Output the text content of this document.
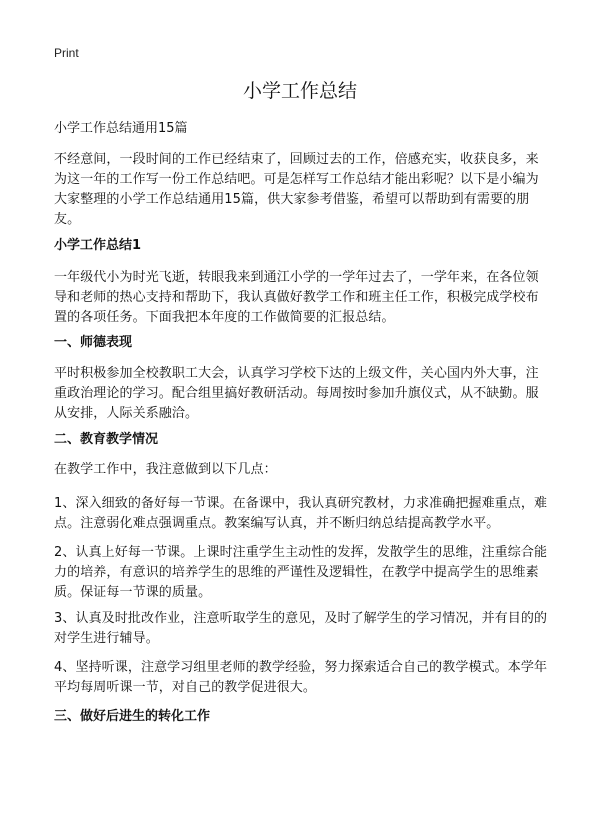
Print
小学工作总结

小学工作总结通用15篇

不经意间，一段时间的工作已经结束了，回顾过去的工作，倍感充实，收获良多，来为这一年的工作写一份工作总结吧。可是怎样写工作总结才能出彩呢？以下是小编为大家整理的小学工作总结通用15篇，供大家参考借鉴，希望可以帮助到有需要的朋友。

小学工作总结1

一年级代小为时光飞逝，转眼我来到通江小学的一学年过去了，一学年来，在各位领导和老师的热心支持和帮助下，我认真做好教学工作和班主任工作，积极完成学校布置的各项任务。下面我把本年度的工作做简要的汇报总结。

一、师德表现

平时积极参加全校教职工大会，认真学习学校下达的上级文件，关心国内外大事，注重政治理论的学习。配合组里搞好教研活动。每周按时参加升旗仪式，从不缺勤。服从安排，人际关系融洽。

二、教育教学情况

在教学工作中，我注意做到以下几点：

1、深入细致的备好每一节课。在备课中，我认真研究教材，力求准确把握难重点，难点。注意弱化难点强调重点。教案编写认真，并不断归纳总结提高教学水平。

2、认真上好每一节课。上课时注重学生主动性的发挥，发散学生的思维，注重综合能力的培养，有意识的培养学生的思维的严谨性及逻辑性，在教学中提高学生的思维素质。保证每一节课的质量。

3、认真及时批改作业，注意听取学生的意见，及时了解学生的学习情况，并有目的的对学生进行辅导。

4、坚持听课，注意学习组里老师的教学经验，努力探索适合自己的教学模式。本学年平均每周听课一节，对自己的教学促进很大。

三、做好后进生的转化工作
